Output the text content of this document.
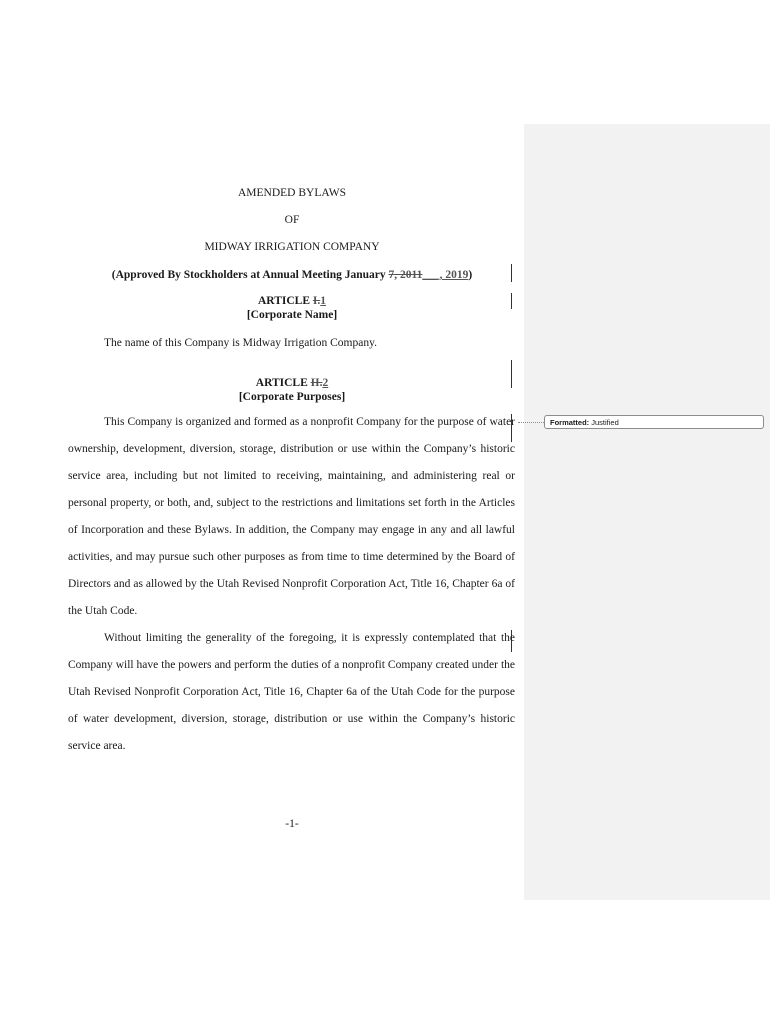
Formatted: Justified
AMENDED BYLAWS
OF
MIDWAY IRRIGATION COMPANY
(Approved By Stockholders at Annual Meeting January 7, 2011___, 2019)
ARTICLE I.1
[Corporate Name]
The name of this Company is Midway Irrigation Company.
ARTICLE II.2
[Corporate Purposes]
This Company is organized and formed as a nonprofit Company for the purpose of water ownership, development, diversion, storage, distribution or use within the Company’s historic service area, including but not limited to receiving, maintaining, and administering real or personal property, or both, and, subject to the restrictions and limitations set forth in the Articles of Incorporation and these Bylaws. In addition, the Company may engage in any and all lawful activities, and may pursue such other purposes as from time to time determined by the Board of Directors and as allowed by the Utah Revised Nonprofit Corporation Act, Title 16, Chapter 6a of the Utah Code.
Without limiting the generality of the foregoing, it is expressly contemplated that the Company will have the powers and perform the duties of a nonprofit Company created under the Utah Revised Nonprofit Corporation Act, Title 16, Chapter 6a of the Utah Code for the purpose of water development, diversion, storage, distribution or use within the Company’s historic service area.
-1-
